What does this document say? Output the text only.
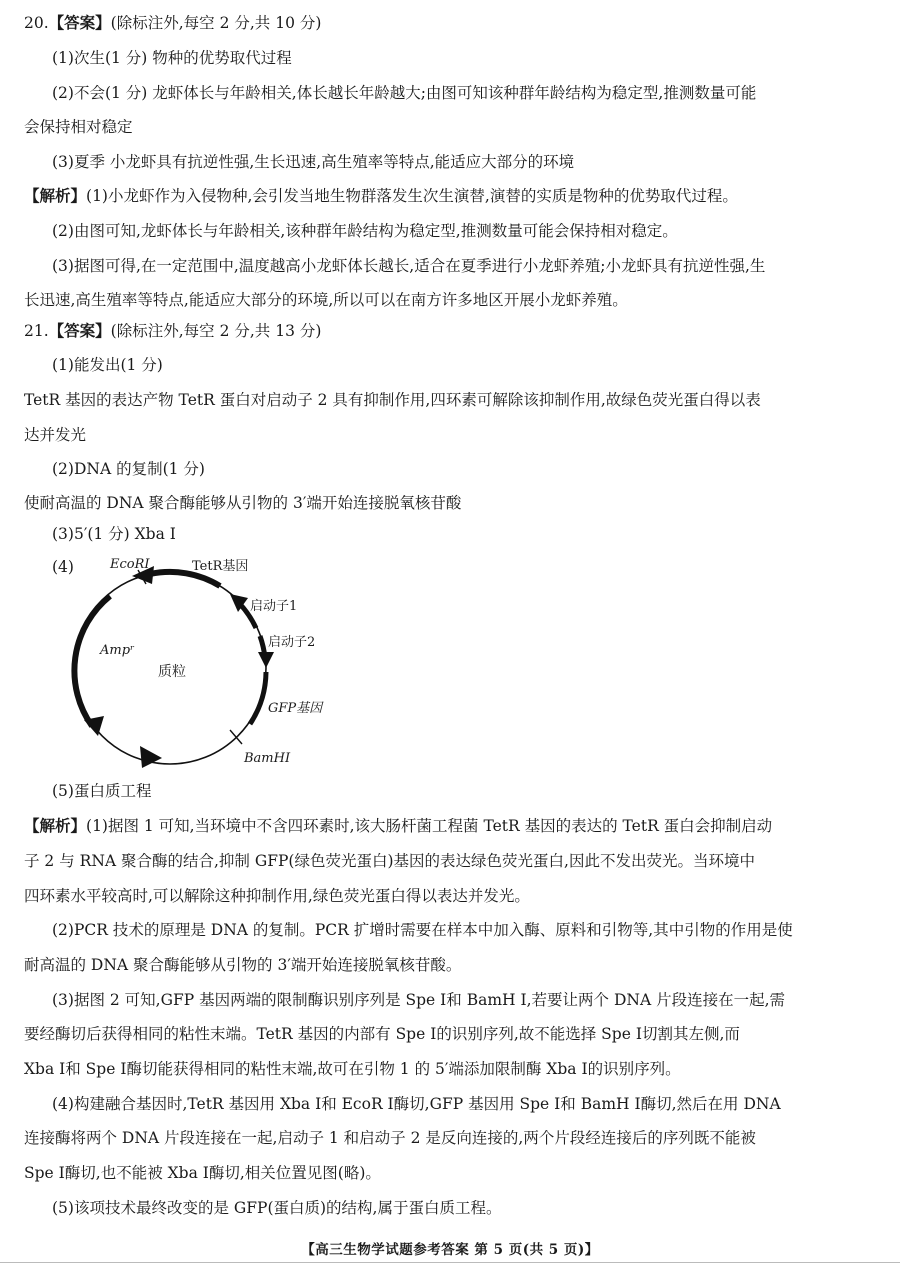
20.【答案】(除标注外,每空 2 分,共 10 分)
(1)次生(1 分) 物种的优势取代过程
(2)不会(1 分) 龙虾体长与年龄相关,体长越长年龄越大;由图可知该种群年龄结构为稳定型,推测数量可能
会保持相对稳定
(3)夏季 小龙虾具有抗逆性强,生长迅速,高生殖率等特点,能适应大部分的环境
【解析】(1)小龙虾作为入侵物种,会引发当地生物群落发生次生演替,演替的实质是物种的优势取代过程。
(2)由图可知,龙虾体长与年龄相关,该种群年龄结构为稳定型,推测数量可能会保持相对稳定。
(3)据图可得,在一定范围中,温度越高小龙虾体长越长,适合在夏季进行小龙虾养殖;小龙虾具有抗逆性强,生
长迅速,高生殖率等特点,能适应大部分的环境,所以可以在南方许多地区开展小龙虾养殖。
21.【答案】(除标注外,每空 2 分,共 13 分)
(1)能发出(1 分)
TetR 基因的表达产物 TetR 蛋白对启动子 2 具有抑制作用,四环素可解除该抑制作用,故绿色荧光蛋白得以表
达并发光
(2)DNA 的复制(1 分)
使耐高温的 DNA 聚合酶能够从引物的 3′端开始连接脱氧核苷酸
(3)5′(1 分) Xba Ⅰ
(4)	EcoRⅠ	TetR基因
启动子1
启动子2
Ampʳ
质粒
GFP基因
BamHⅠ
(5)蛋白质工程
【解析】(1)据图 1 可知,当环境中不含四环素时,该大肠杆菌工程菌 TetR 基因的表达的 TetR 蛋白会抑制启动
子 2 与 RNA 聚合酶的结合,抑制 GFP(绿色荧光蛋白)基因的表达绿色荧光蛋白,因此不发出荧光。当环境中
四环素水平较高时,可以解除这种抑制作用,绿色荧光蛋白得以表达并发光。
(2)PCR 技术的原理是 DNA 的复制。PCR 扩增时需要在样本中加入酶、原料和引物等,其中引物的作用是使
耐高温的 DNA 聚合酶能够从引物的 3′端开始连接脱氧核苷酸。
(3)据图 2 可知,GFP 基因两端的限制酶识别序列是 Spe Ⅰ和 BamH Ⅰ,若要让两个 DNA 片段连接在一起,需
要经酶切后获得相同的粘性末端。TetR 基因的内部有 Spe Ⅰ的识别序列,故不能选择 Spe Ⅰ切割其左侧,而
Xba Ⅰ和 Spe Ⅰ酶切能获得相同的粘性末端,故可在引物 1 的 5′端添加限制酶 Xba Ⅰ的识别序列。
(4)构建融合基因时,TetR 基因用 Xba Ⅰ和 EcoR Ⅰ酶切,GFP 基因用 Spe Ⅰ和 BamH Ⅰ酶切,然后在用 DNA
连接酶将两个 DNA 片段连接在一起,启动子 1 和启动子 2 是反向连接的,两个片段经连接后的序列既不能被
Spe Ⅰ酶切,也不能被 Xba Ⅰ酶切,相关位置见图(略)。
(5)该项技术最终改变的是 GFP(蛋白质)的结构,属于蛋白质工程。
【高三生物学试题参考答案 第 5 页(共 5 页)】
